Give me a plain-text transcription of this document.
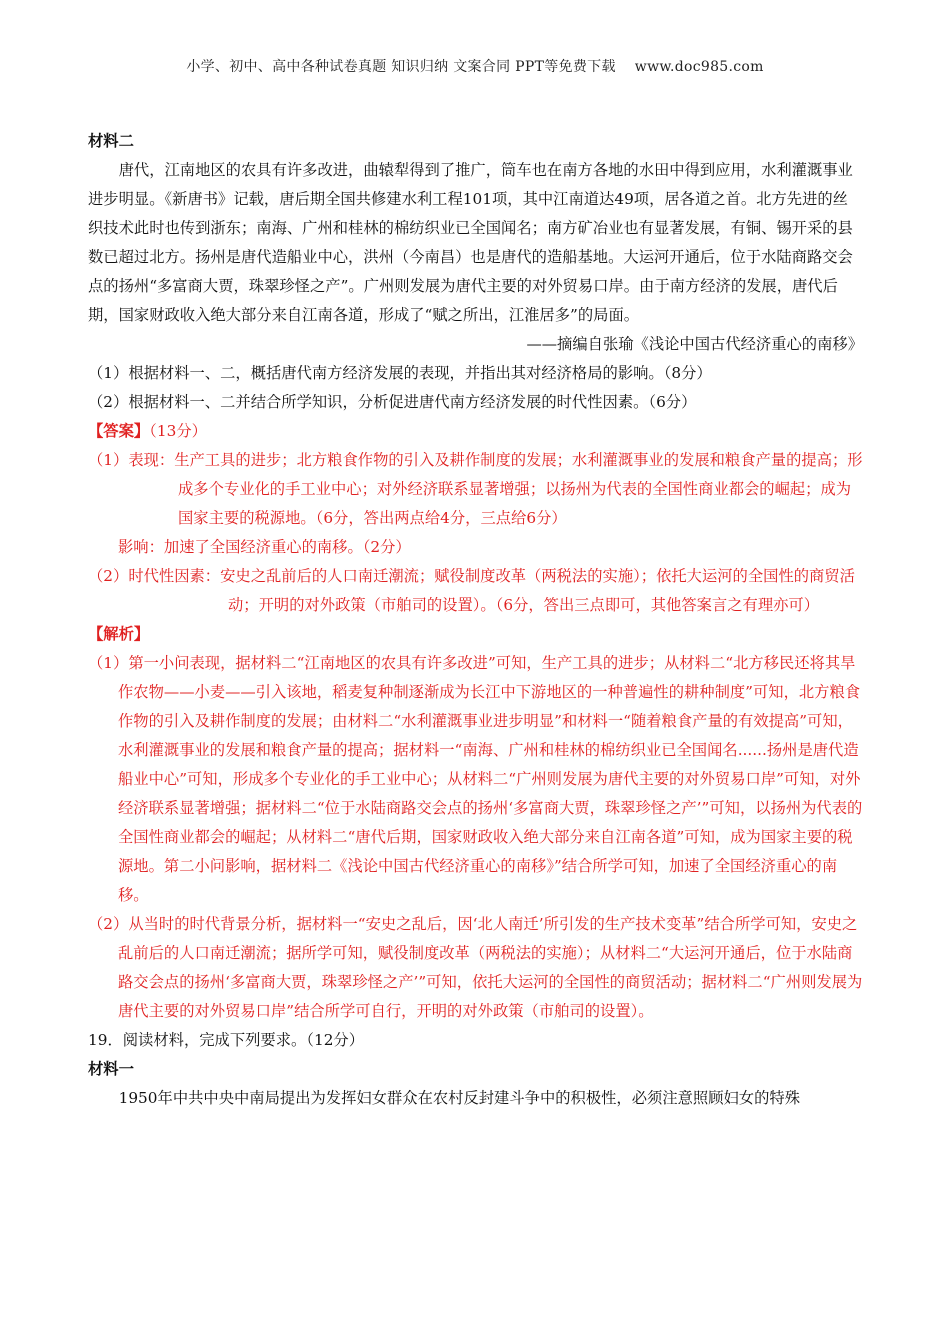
小学、初中、高中各种试卷真题 知识归纳 文案合同 PPT等免费下载　 www.doc985.com

材料二

唐代，江南地区的农具有许多改进，曲辕犁得到了推广，筒车也在南方各地的水田中得到应用，水利灌溉事业进步明显。《新唐书》记载，唐后期全国共修建水利工程101项，其中江南道达49项，居各道之首。北方先进的丝织技术此时也传到浙东；南海、广州和桂林的棉纺织业已全国闻名；南方矿冶业也有显著发展，有铜、锡开采的县数已超过北方。扬州是唐代造船业中心，洪州（今南昌）也是唐代的造船基地。大运河开通后，位于水陆商路交会点的扬州“多富商大贾，珠翠珍怪之产”。广州则发展为唐代主要的对外贸易口岸。由于南方经济的发展，唐代后期，国家财政收入绝大部分来自江南各道，形成了“赋之所出，江淮居多”的局面。

——摘编自张瑜《浅论中国古代经济重心的南移》

（1）根据材料一、二，概括唐代南方经济发展的表现，并指出其对经济格局的影响。（8分）

（2）根据材料一、二并结合所学知识，分析促进唐代南方经济发展的时代性因素。（6分）

【答案】（13分）

（1）表现：生产工具的进步；北方粮食作物的引入及耕作制度的发展；水利灌溉事业的发展和粮食产量的提高；形成多个专业化的手工业中心；对外经济联系显著增强；以扬州为代表的全国性商业都会的崛起；成为国家主要的税源地。（6分，答出两点给4分，三点给6分）

影响：加速了全国经济重心的南移。（2分）

（2）时代性因素：安史之乱前后的人口南迁潮流；赋役制度改革（两税法的实施）；依托大运河的全国性的商贸活动；开明的对外政策（市舶司的设置）。（6分，答出三点即可，其他答案言之有理亦可）

【解析】

（1）第一小问表现，据材料二“江南地区的农具有许多改进”可知，生产工具的进步；从材料二“北方移民还将其旱作农物——小麦——引入该地，稻麦复种制逐渐成为长江中下游地区的一种普遍性的耕种制度”可知，北方粮食作物的引入及耕作制度的发展；由材料二“水利灌溉事业进步明显”和材料一“随着粮食产量的有效提高”可知，水利灌溉事业的发展和粮食产量的提高；据材料一“南海、广州和桂林的棉纺织业已全国闻名......扬州是唐代造船业中心”可知，形成多个专业化的手工业中心；从材料二“广州则发展为唐代主要的对外贸易口岸”可知，对外经济联系显著增强；据材料二“位于水陆商路交会点的扬州‘多富商大贾，珠翠珍怪之产’”可知，以扬州为代表的全国性商业都会的崛起；从材料二“唐代后期，国家财政收入绝大部分来自江南各道”可知，成为国家主要的税源地。第二小问影响，据材料二《浅论中国古代经济重心的南移》”结合所学可知，加速了全国经济重心的南移。

（2）从当时的时代背景分析，据材料一“安史之乱后，因‘北人南迁’所引发的生产技术变革”结合所学可知，安史之乱前后的人口南迁潮流；据所学可知，赋役制度改革（两税法的实施）；从材料二“大运河开通后，位于水陆商路交会点的扬州‘多富商大贾，珠翠珍怪之产’”可知，依托大运河的全国性的商贸活动；据材料二“广州则发展为唐代主要的对外贸易口岸”结合所学可自行，开明的对外政策（市舶司的设置）。

19．阅读材料，完成下列要求。（12分）

材料一

1950年中共中央中南局提出为发挥妇女群众在农村反封建斗争中的积极性，必须注意照顾妇女的特殊
